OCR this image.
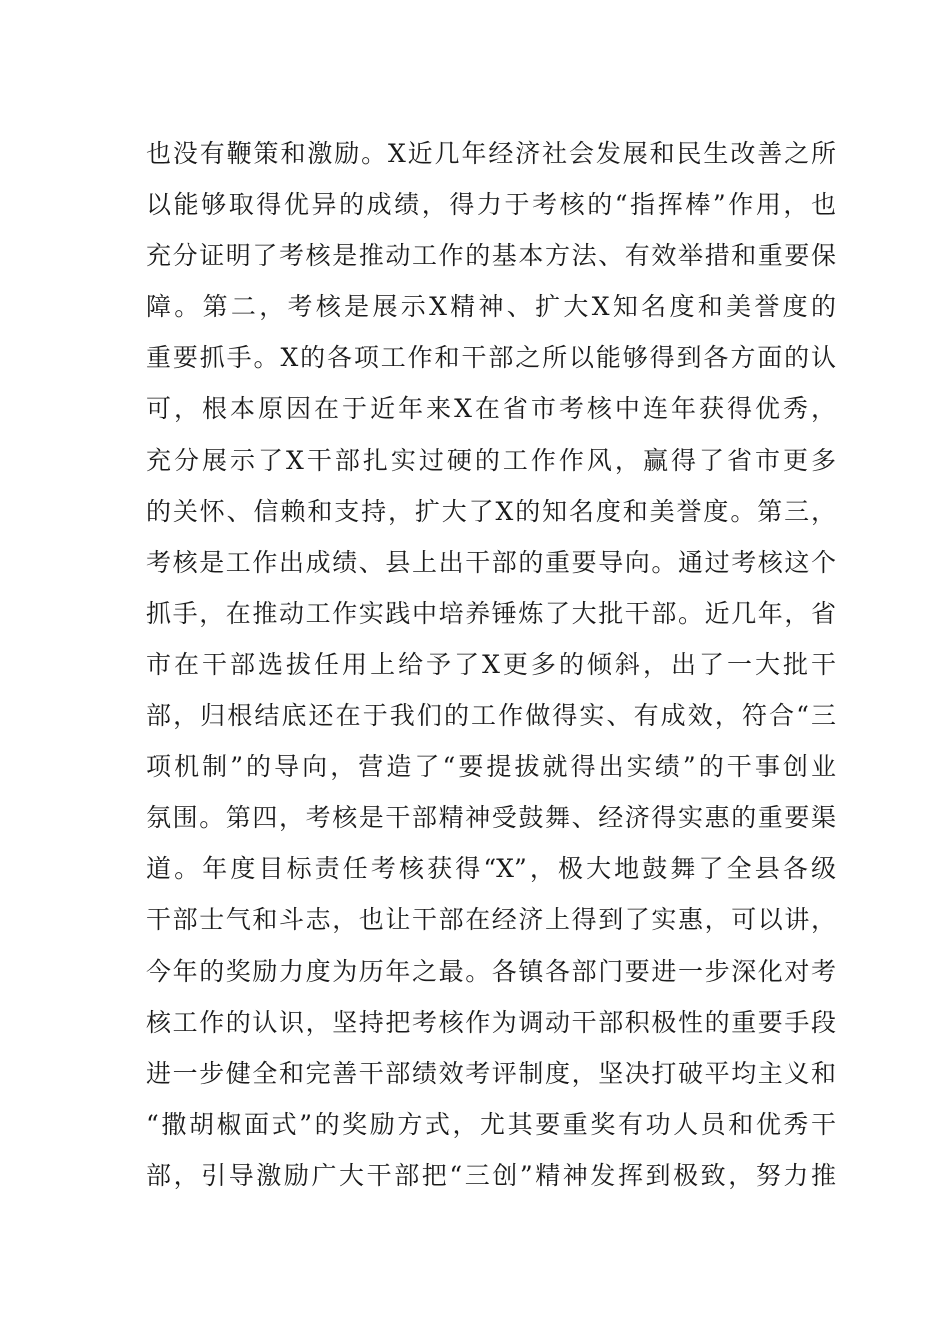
也没有鞭策和激励。X近几年经济社会发展和民生改善之所
以能够取得优异的成绩，得力于考核的“指挥棒”作用，也
充分证明了考核是推动工作的基本方法、有效举措和重要保
障。第二，考核是展示X精神、扩大X知名度和美誉度的
重要抓手。X的各项工作和干部之所以能够得到各方面的认
可，根本原因在于近年来X在省市考核中连年获得优秀，
充分展示了X干部扎实过硬的工作作风，赢得了省市更多
的关怀、信赖和支持，扩大了X的知名度和美誉度。第三，
考核是工作出成绩、县上出干部的重要导向。通过考核这个
抓手，在推动工作实践中培养锤炼了大批干部。近几年，省
市在干部选拔任用上给予了X更多的倾斜，出了一大批干
部，归根结底还在于我们的工作做得实、有成效，符合“三
项机制”的导向，营造了“要提拔就得出实绩”的干事创业
氛围。第四，考核是干部精神受鼓舞、经济得实惠的重要渠
道。年度目标责任考核获得“X”，极大地鼓舞了全县各级
干部士气和斗志，也让干部在经济上得到了实惠，可以讲，
今年的奖励力度为历年之最。各镇各部门要进一步深化对考
核工作的认识，坚持把考核作为调动干部积极性的重要手段
进一步健全和完善干部绩效考评制度，坚决打破平均主义和
“撒胡椒面式”的奖励方式，尤其要重奖有功人员和优秀干
部，引导激励广大干部把“三创”精神发挥到极致，努力推
